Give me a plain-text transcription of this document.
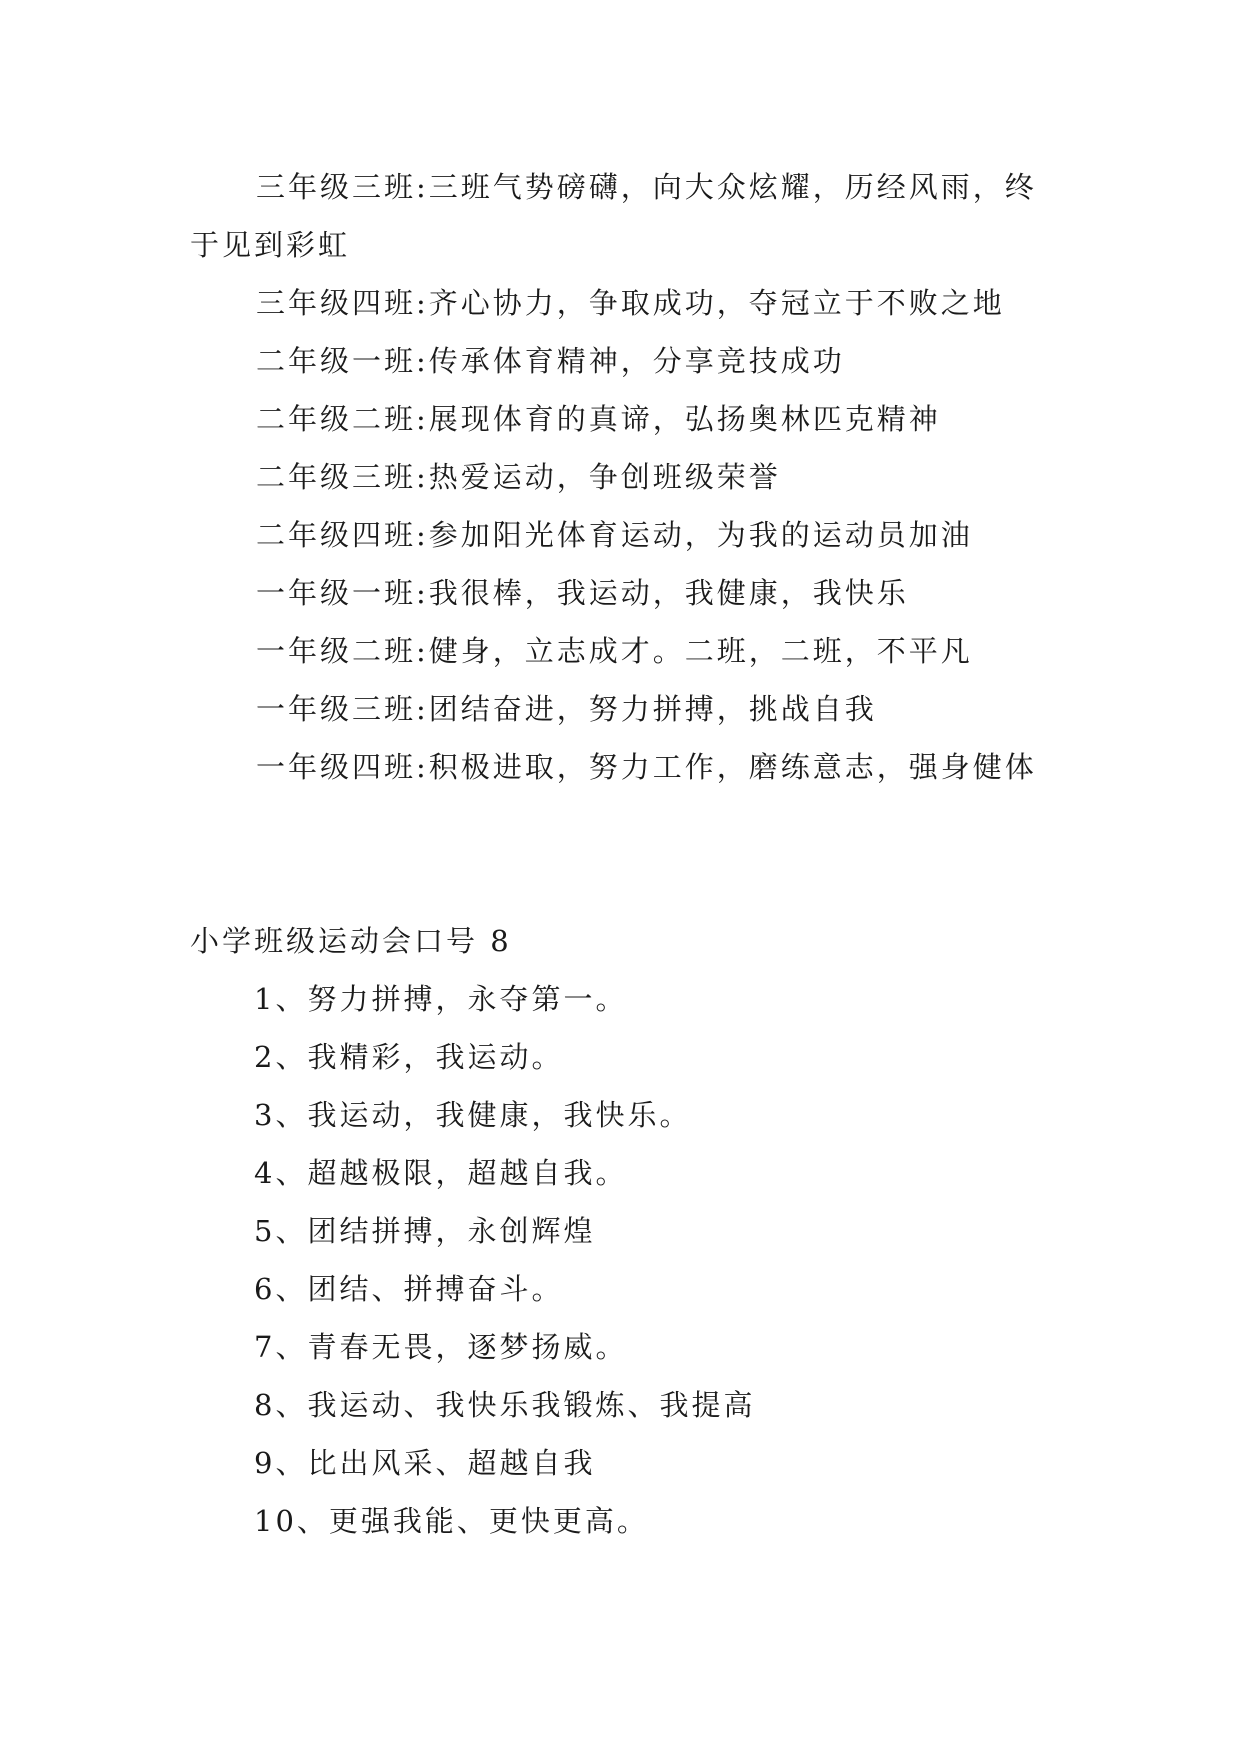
三年级三班:三班气势磅礴，向大众炫耀，历经风雨，终于见到彩虹

三年级四班:齐心协力，争取成功，夺冠立于不败之地

二年级一班:传承体育精神，分享竞技成功

二年级二班:展现体育的真谛，弘扬奥林匹克精神

二年级三班:热爱运动，争创班级荣誉

二年级四班:参加阳光体育运动，为我的运动员加油

一年级一班:我很棒，我运动，我健康，我快乐

一年级二班:健身，立志成才。二班，二班，不平凡

一年级三班:团结奋进，努力拼搏，挑战自我

一年级四班:积极进取，努力工作，磨练意志，强身健体

小学班级运动会口号 8

1、努力拼搏，永夺第一。

2、我精彩，我运动。

3、我运动，我健康，我快乐。

4、超越极限，超越自我。

5、团结拼搏，永创辉煌

6、团结、拼搏奋斗。

7、青春无畏，逐梦扬威。

8、我运动、我快乐我锻炼、我提高

9、比出风采、超越自我

10、更强我能、更快更高。
